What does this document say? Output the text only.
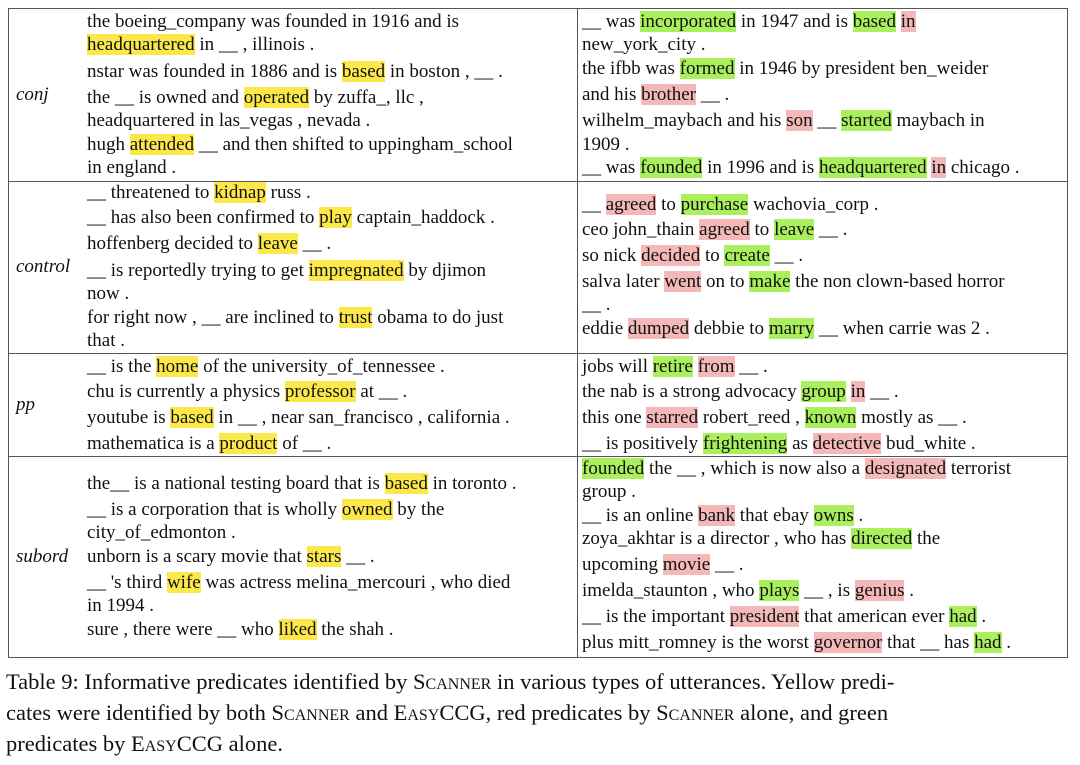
conj
the boeing_company was founded in 1916 and is
headquartered in __ , illinois .
nstar was founded in 1886 and is based in boston , __ .
the __ is owned and operated by zuffa_, llc ,
headquartered in las_vegas , nevada .
hugh attended __ and then shifted to uppingham_school
in england .
__ was incorporated in 1947 and is based in
new_york_city .
the ifbb was formed in 1946 by president ben_weider
and his brother __ .
wilhelm_maybach and his son __ started maybach in
1909 .
__ was founded in 1996 and is headquartered in chicago .
control
__ threatened to kidnap russ .
__ has also been confirmed to play captain_haddock .
hoffenberg decided to leave __ .
__ is reportedly trying to get impregnated by djimon
now .
for right now , __ are inclined to trust obama to do just
that .
__ agreed to purchase wachovia_corp .
ceo john_thain agreed to leave __ .
so nick decided to create __ .
salva later went on to make the non clown-based horror
__ .
eddie dumped debbie to marry __ when carrie was 2 .
pp
__ is the home of the university_of_tennessee .
chu is currently a physics professor at __ .
youtube is based in __ , near san_francisco , california .
mathematica is a product of __ .
jobs will retire from __ .
the nab is a strong advocacy group in __ .
this one starred robert_reed , known mostly as __ .
__ is positively frightening as detective bud_white .
subord
the__ is a national testing board that is based in toronto .
__ is a corporation that is wholly owned by the
city_of_edmonton .
unborn is a scary movie that stars __ .
__ 's third wife was actress melina_mercouri , who died
in 1994 .
sure , there were __ who liked the shah .
founded the __ , which is now also a designated terrorist
group .
__ is an online bank that ebay owns .
zoya_akhtar is a director , who has directed the
upcoming movie __ .
imelda_staunton , who plays __ , is genius .
__ is the important president that american ever had .
plus mitt_romney is the worst governor that __ has had .
Table 9: Informative predicates identified by Scanner in various types of utterances. Yellow predi-
cates were identified by both Scanner and EasyCCG, red predicates by Scanner alone, and green
predicates by EasyCCG alone.
